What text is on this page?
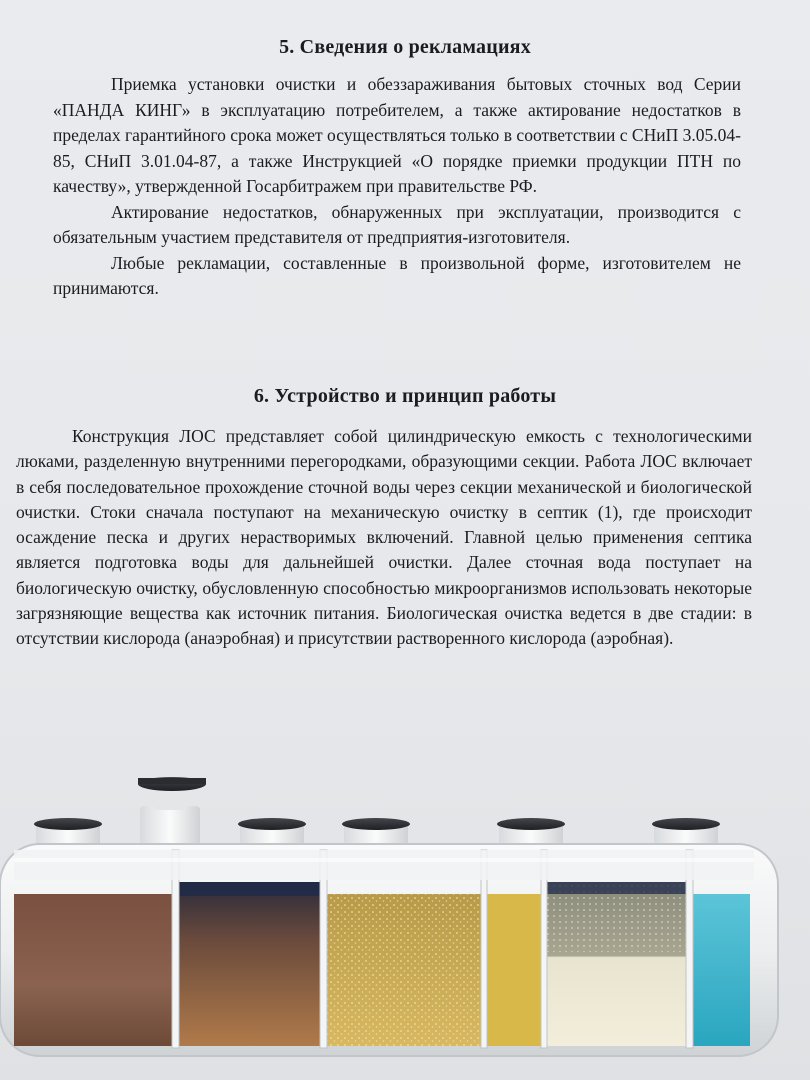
5. Сведения о рекламациях

Приемка установки очистки и обеззараживания бытовых сточных вод Серии «ПАНДА КИНГ» в эксплуатацию потребителем, а также актирование недостатков в пределах гарантийного срока может осуществляться только в соответствии с СНиП 3.05.04-85, СНиП 3.01.04-87, а также Инструкцией «О порядке приемки продукции ПТН по качеству», утвержденной Госарбитражем при правительстве РФ.

Актирование недостатков, обнаруженных при эксплуатации, производится с обязательным участием представителя от предприятия-изготовителя.

Любые рекламации, составленные в произвольной форме, изготовителем не принимаются.

6. Устройство и принцип работы

Конструкция ЛОС представляет собой цилиндрическую емкость с технологическими люками, разделенную внутренними перегородками, образующими секции. Работа ЛОС включает в себя последовательное прохождение сточной воды через секции механической и биологической очистки. Стоки сначала поступают на механическую очистку в септик (1), где происходит осаждение песка и других нерастворимых включений. Главной целью применения септика является подготовка воды для дальнейшей очистки. Далее сточная вода поступает на биологическую очистку, обусловленную способностью микроорганизмов использовать некоторые загрязняющие вещества как источник питания. Биологическая очистка ведется в две стадии: в отсутствии кислорода (анаэробная) и присутствии растворенного кислорода (аэробная).
